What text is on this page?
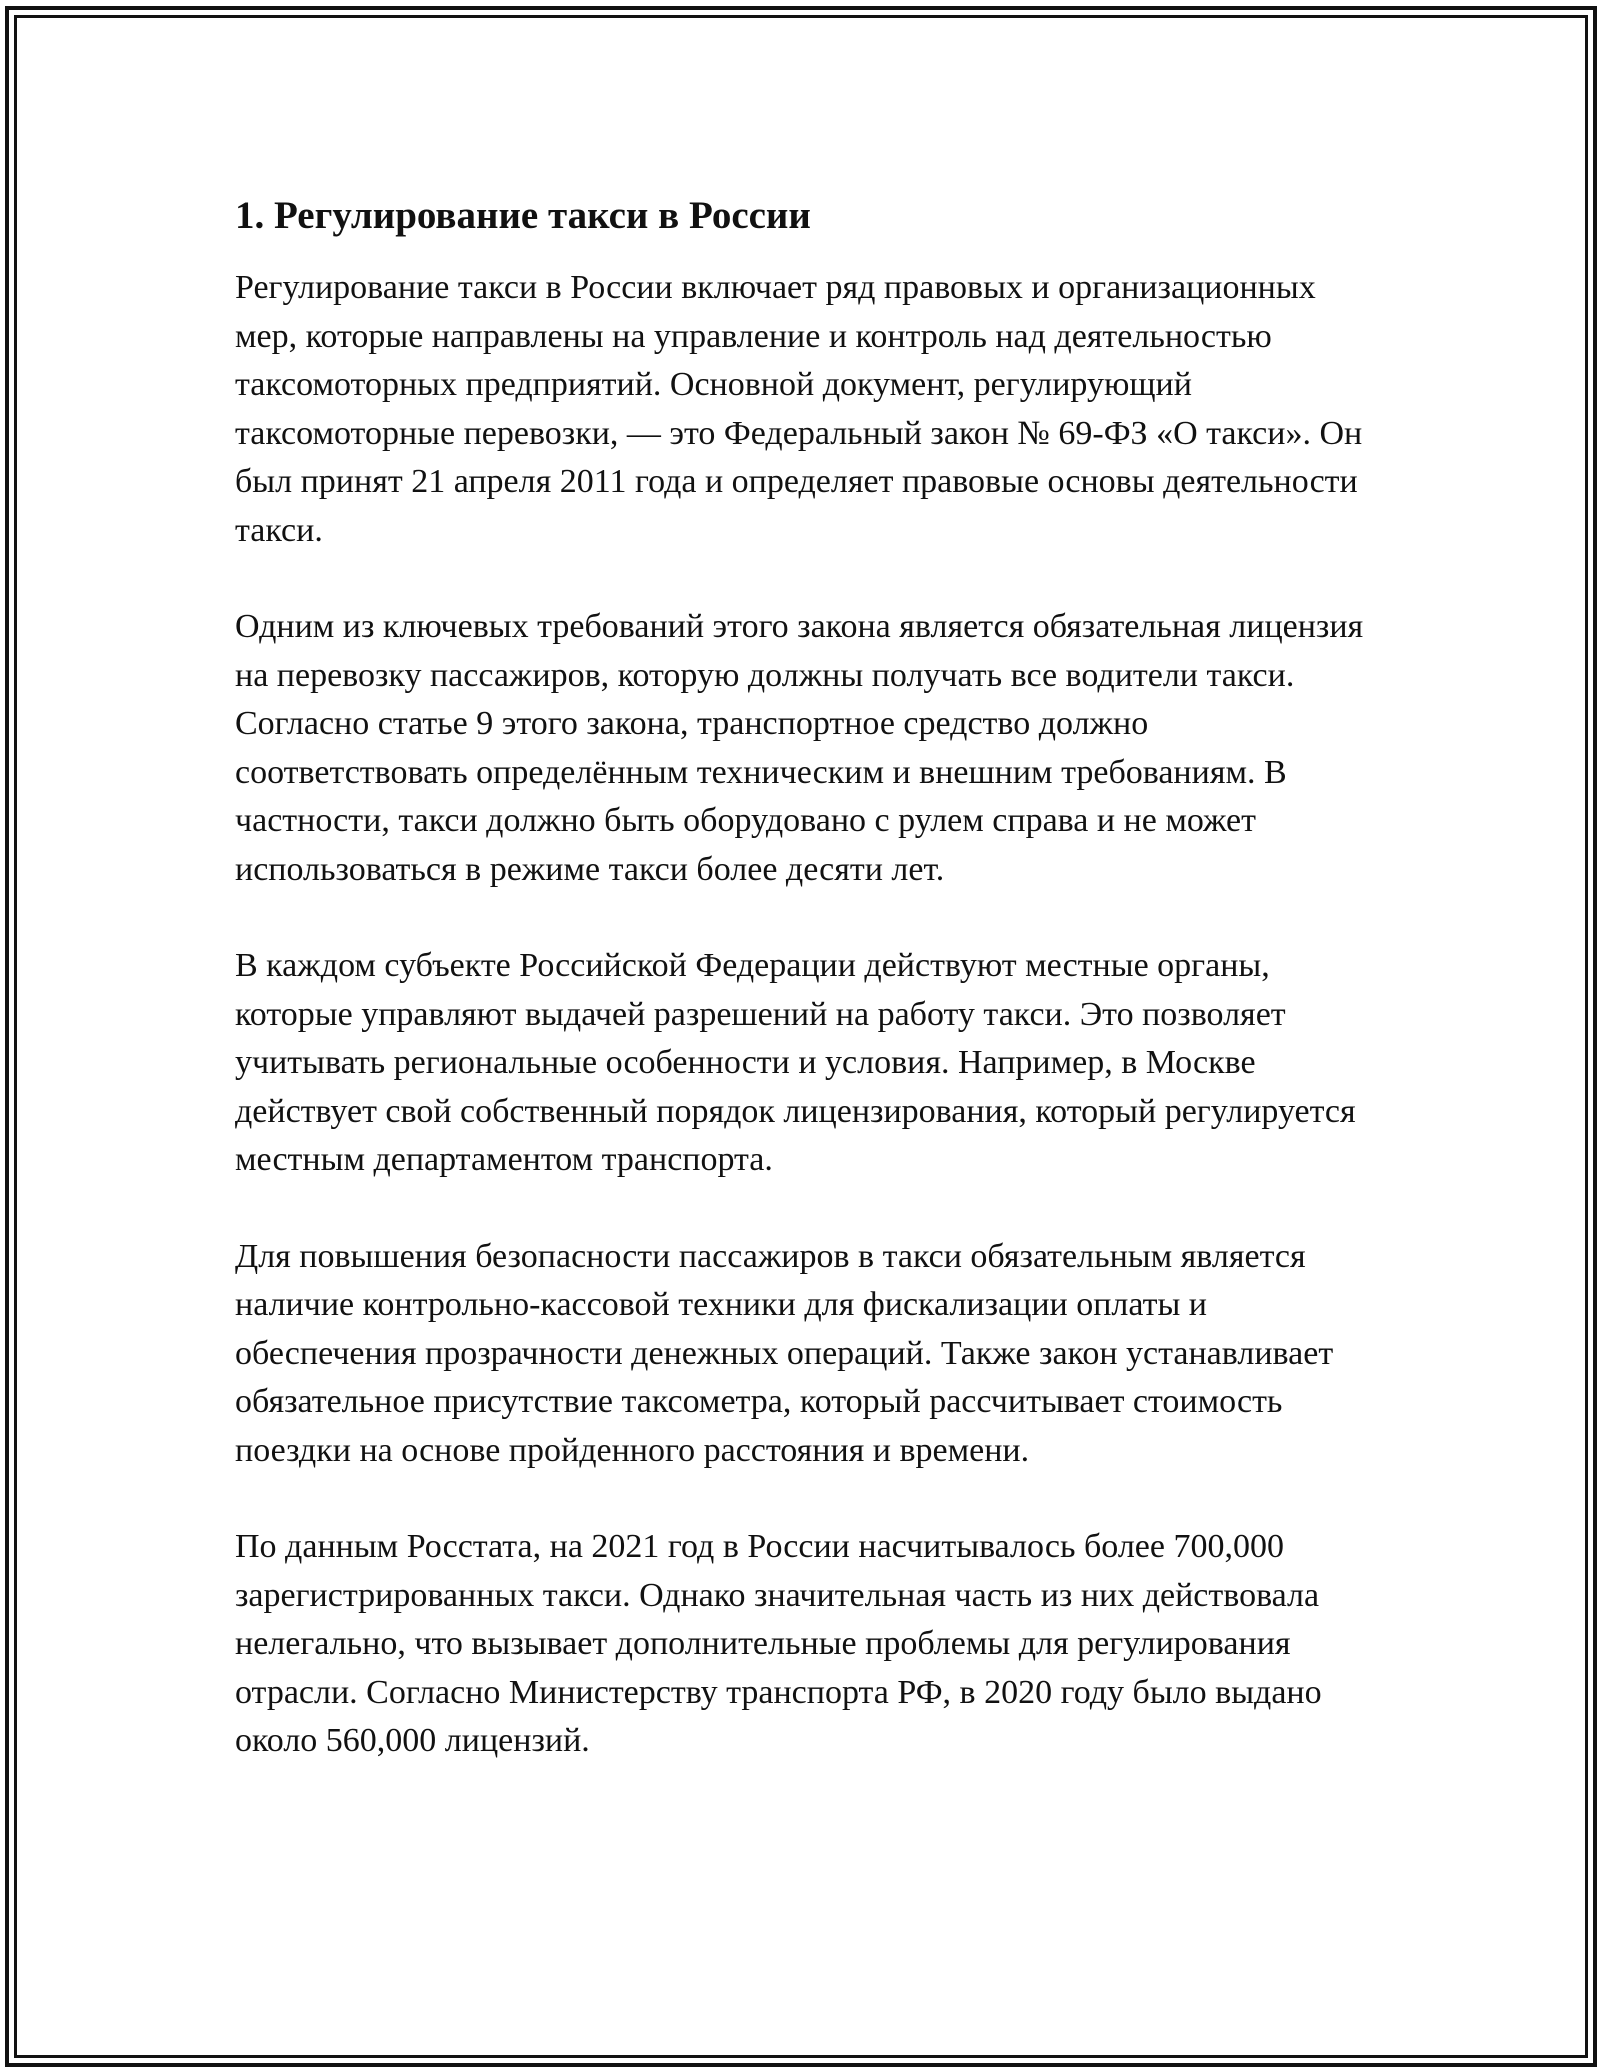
1. Регулирование такси в России

Регулирование такси в России включает ряд правовых и организационных мер, которые направлены на управление и контроль над деятельностью таксомоторных предприятий. Основной документ, регулирующий таксомоторные перевозки, — это Федеральный закон № 69-ФЗ «О такси». Он был принят 21 апреля 2011 года и определяет правовые основы деятельности такси.

Одним из ключевых требований этого закона является обязательная лицензия на перевозку пассажиров, которую должны получать все водители такси. Согласно статье 9 этого закона, транспортное средство должно соответствовать определённым техническим и внешним требованиям. В частности, такси должно быть оборудовано с рулем справа и не может использоваться в режиме такси более десяти лет.

В каждом субъекте Российской Федерации действуют местные органы, которые управляют выдачей разрешений на работу такси. Это позволяет учитывать региональные особенности и условия. Например, в Москве действует свой собственный порядок лицензирования, который регулируется местным департаментом транспорта.

Для повышения безопасности пассажиров в такси обязательным является наличие контрольно-кассовой техники для фискализации оплаты и обеспечения прозрачности денежных операций. Также закон устанавливает обязательное присутствие таксометра, который рассчитывает стоимость поездки на основе пройденного расстояния и времени.

По данным Росстата, на 2021 год в России насчитывалось более 700,000 зарегистрированных такси. Однако значительная часть из них действовала нелегально, что вызывает дополнительные проблемы для регулирования отрасли. Согласно Министерству транспорта РФ, в 2020 году было выдано около 560,000 лицензий.
